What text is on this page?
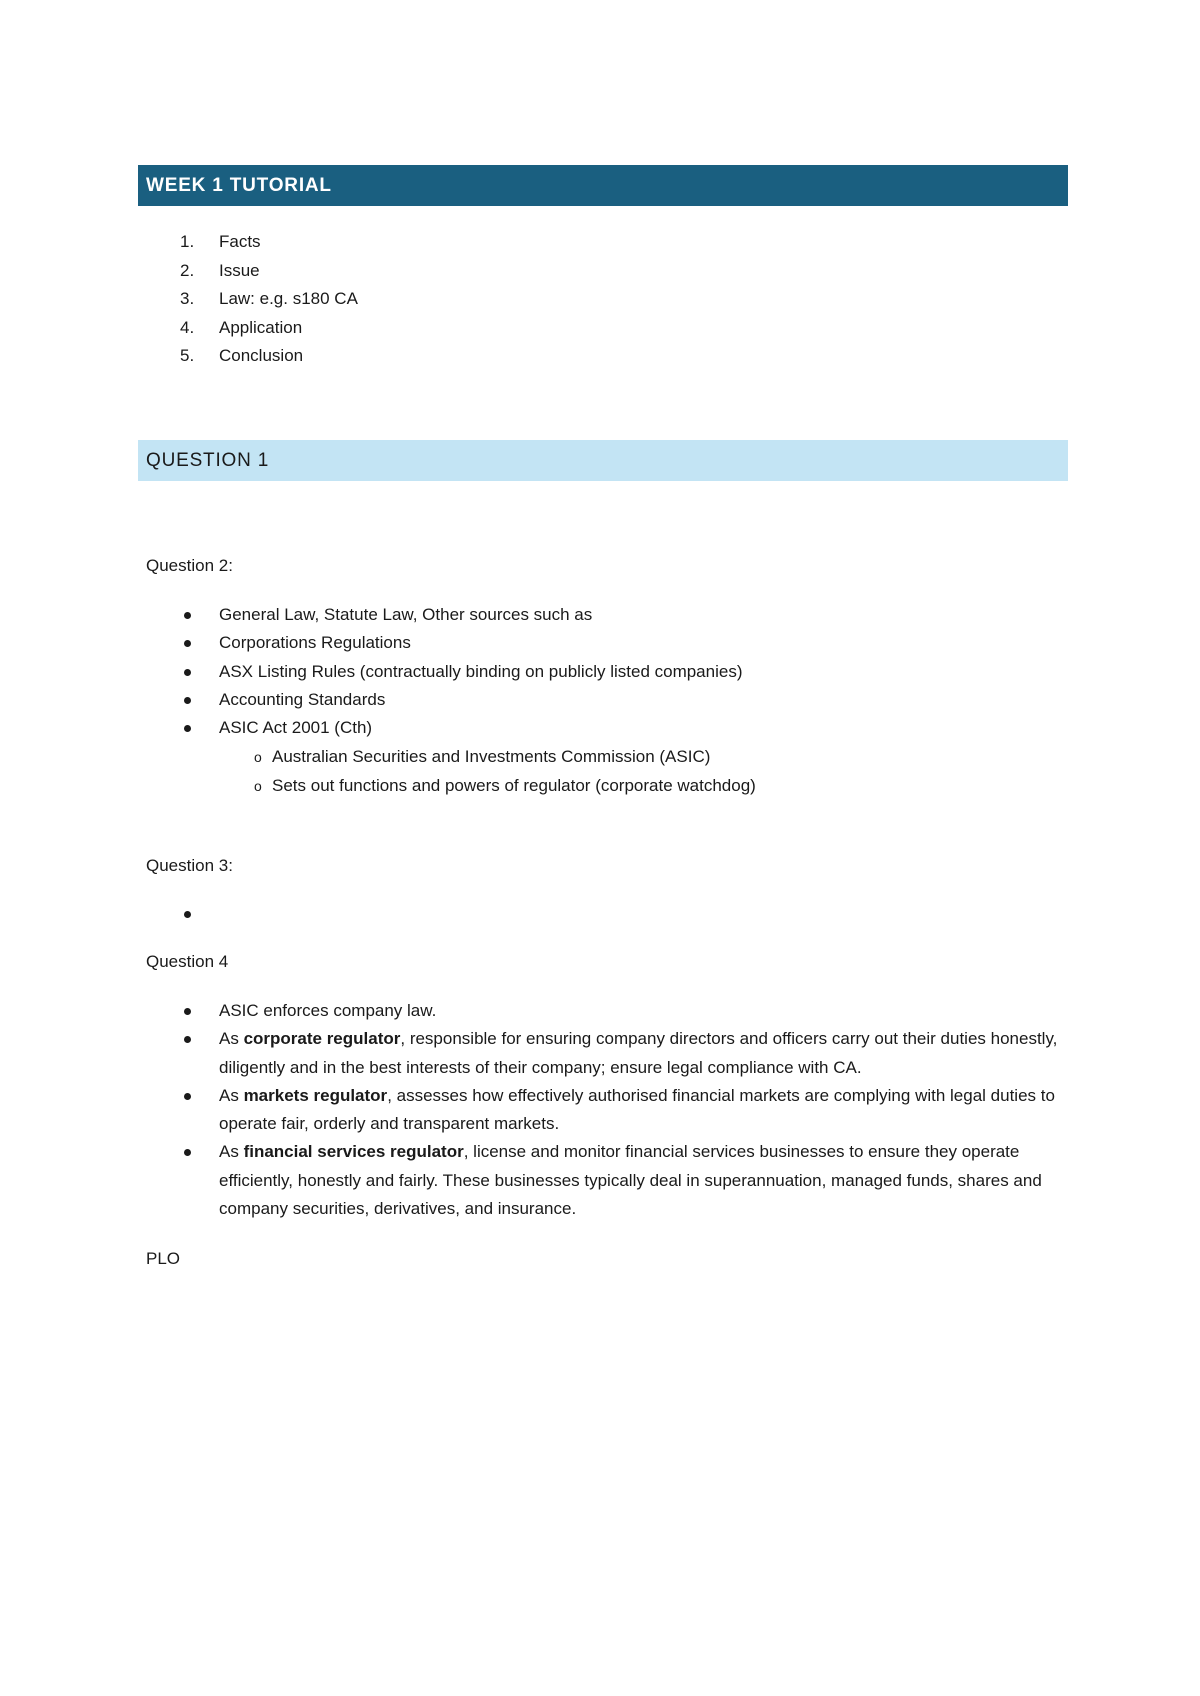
WEEK 1 TUTORIAL
1. Facts
2. Issue
3. Law: e.g. s180 CA
4. Application
5. Conclusion
QUESTION 1
Question 2:
General Law, Statute Law, Other sources such as
Corporations Regulations
ASX Listing Rules (contractually binding on publicly listed companies)
Accounting Standards
ASIC Act 2001 (Cth)
o Australian Securities and Investments Commission (ASIC)
o Sets out functions and powers of regulator (corporate watchdog)
Question 3:
Question 4
ASIC enforces company law.
As corporate regulator, responsible for ensuring company directors and officers carry out their duties honestly, diligently and in the best interests of their company; ensure legal compliance with CA.
As markets regulator, assesses how effectively authorised financial markets are complying with legal duties to operate fair, orderly and transparent markets.
As financial services regulator, license and monitor financial services businesses to ensure they operate efficiently, honestly and fairly. These businesses typically deal in superannuation, managed funds, shares and company securities, derivatives, and insurance.
PLO
